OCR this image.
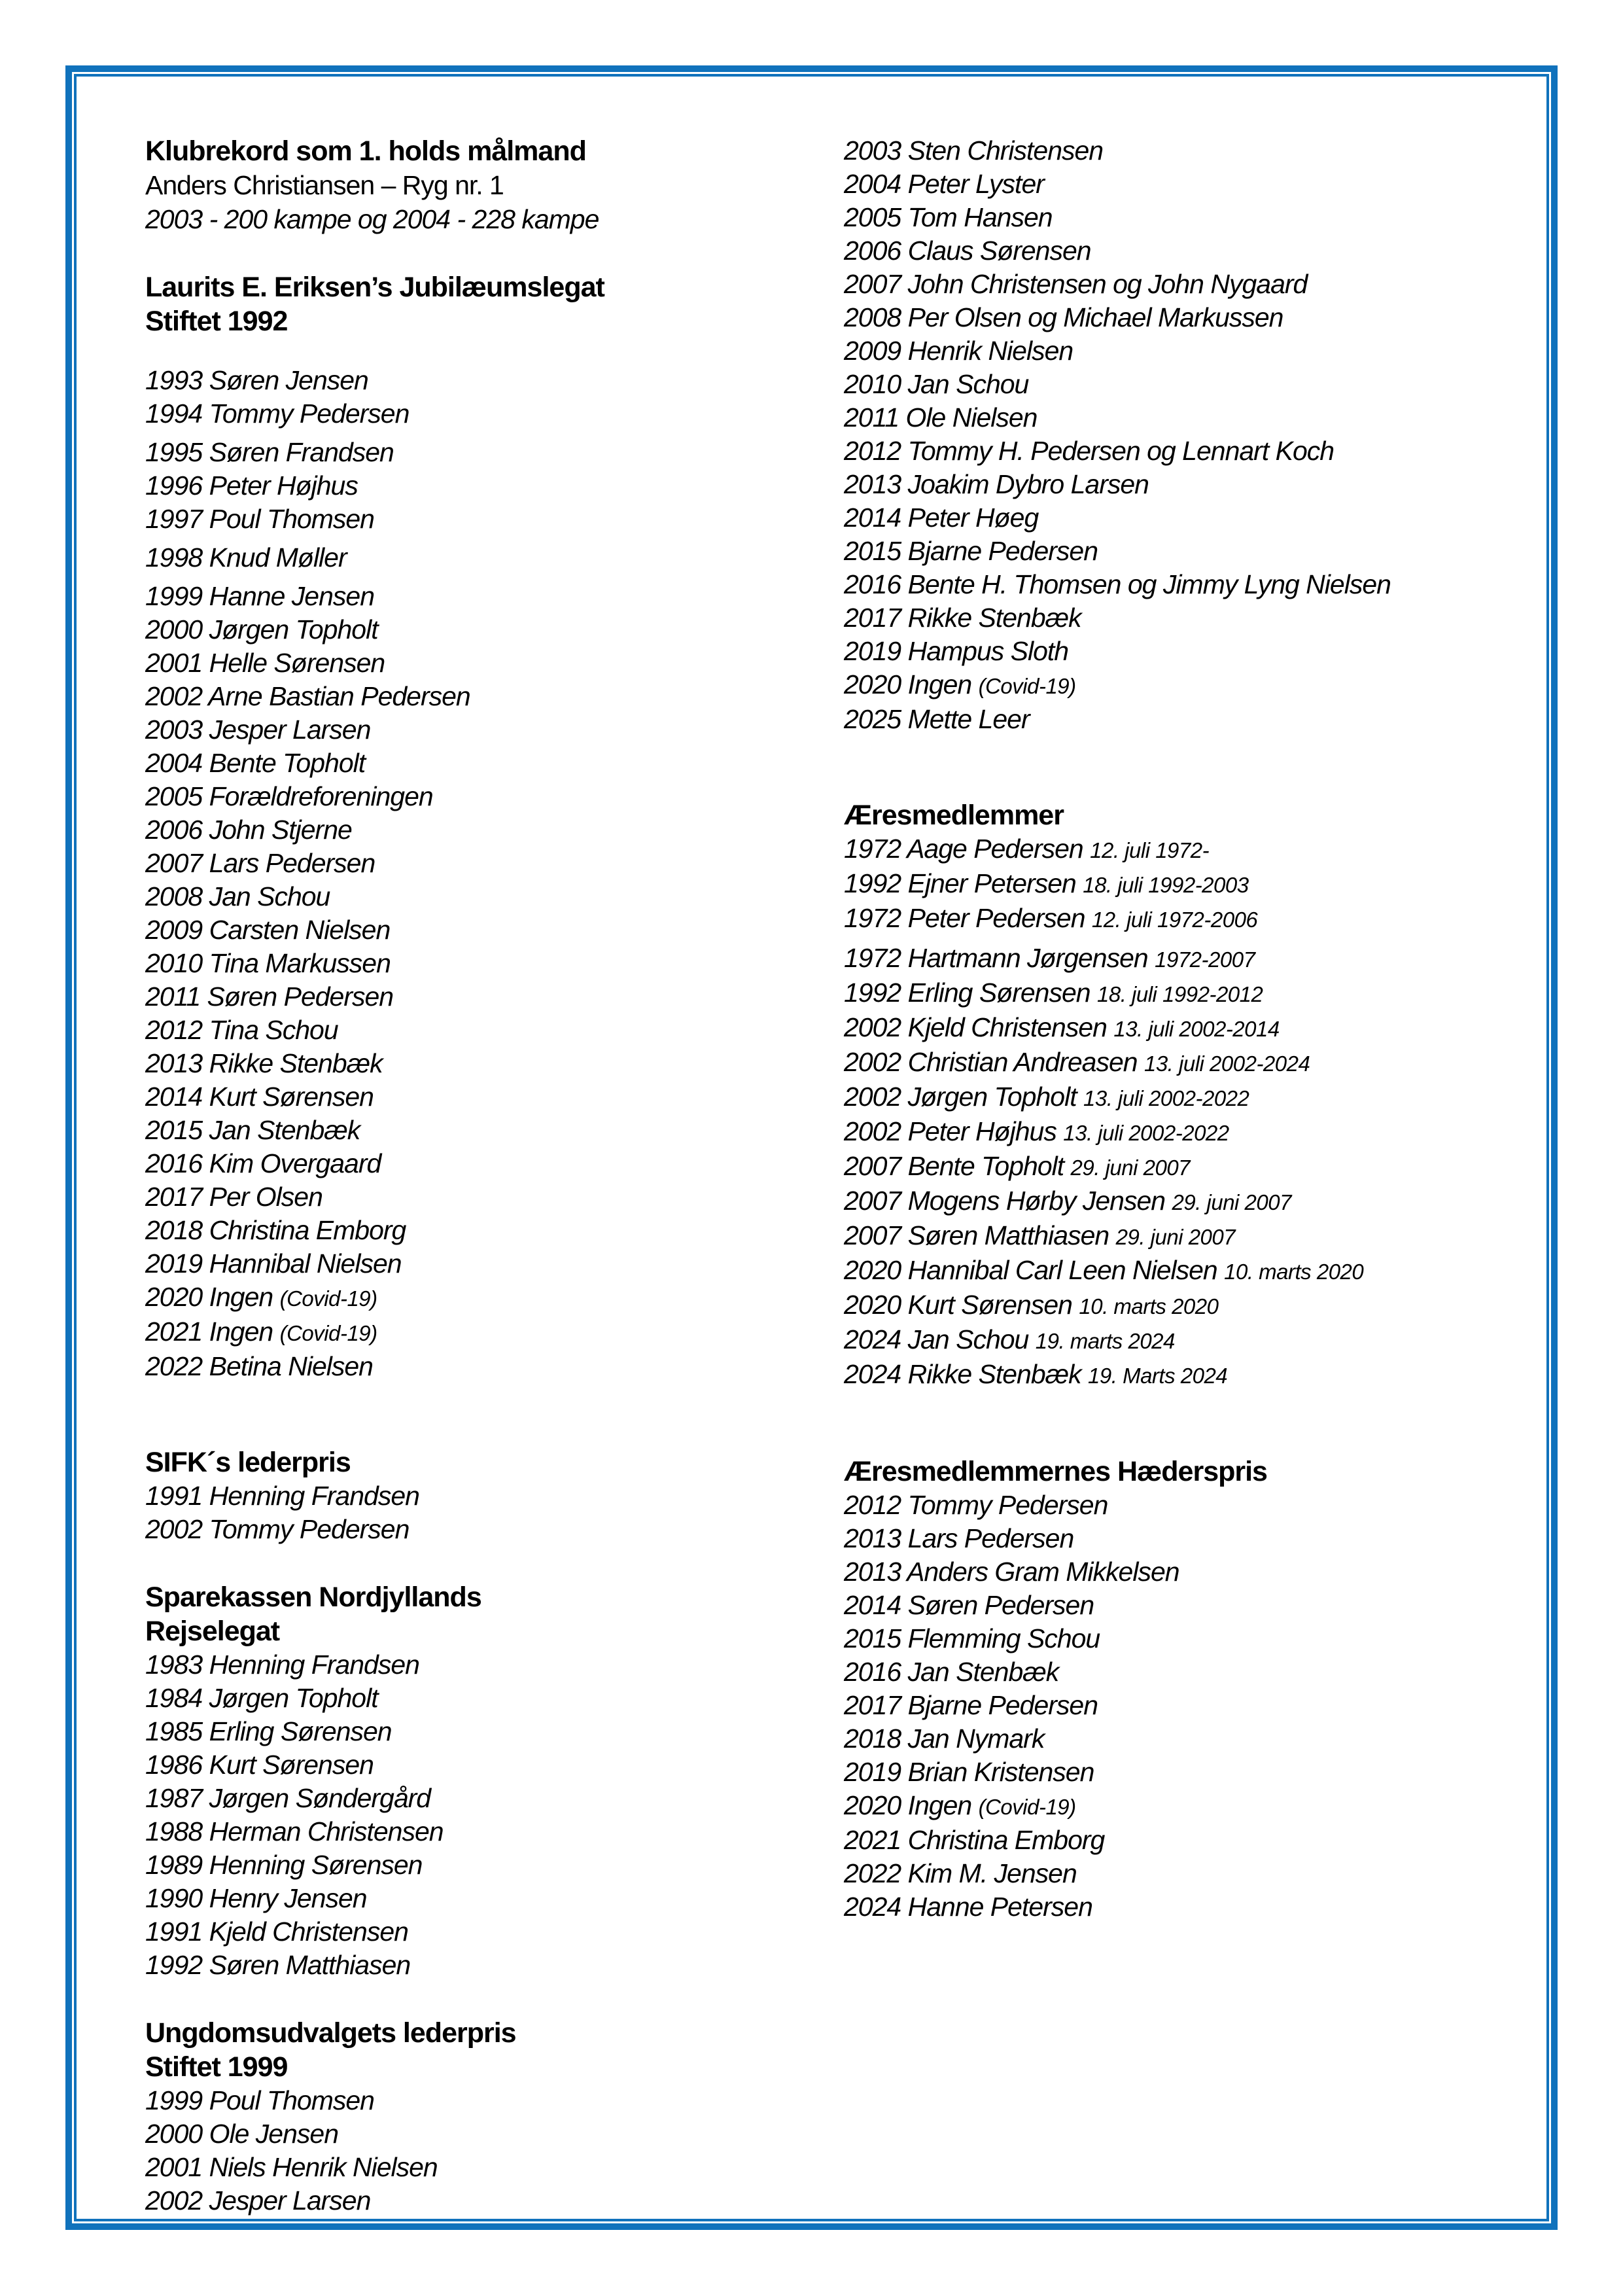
Klubrekord som 1. holds målmand
Anders Christiansen – Ryg nr. 1
2003 - 200 kampe og 2004 - 228 kampe
Laurits E. Eriksen’s Jubilæumslegat
Stiftet 1992
1993 Søren Jensen
1994 Tommy Pedersen
1995 Søren Frandsen
1996 Peter Højhus
1997 Poul Thomsen
1998 Knud Møller
1999 Hanne Jensen
2000 Jørgen Topholt
2001 Helle Sørensen
2002 Arne Bastian Pedersen
2003 Jesper Larsen
2004 Bente Topholt
2005 Forældreforeningen
2006 John Stjerne
2007 Lars Pedersen
2008 Jan Schou
2009 Carsten Nielsen
2010 Tina Markussen
2011 Søren Pedersen
2012 Tina Schou
2013 Rikke Stenbæk
2014 Kurt Sørensen
2015 Jan Stenbæk
2016 Kim Overgaard
2017 Per Olsen
2018 Christina Emborg
2019 Hannibal Nielsen
2020 Ingen (Covid-19)
2021 Ingen (Covid-19)
2022 Betina Nielsen
SIFK´s lederpris
1991 Henning Frandsen
2002 Tommy Pedersen
Sparekassen Nordjyllands
Rejselegat
1983 Henning Frandsen
1984 Jørgen Topholt
1985 Erling Sørensen
1986 Kurt Sørensen
1987 Jørgen Søndergård
1988 Herman Christensen
1989 Henning Sørensen
1990 Henry Jensen
1991 Kjeld Christensen
1992 Søren Matthiasen
Ungdomsudvalgets lederpris
Stiftet 1999
1999 Poul Thomsen
2000 Ole Jensen
2001 Niels Henrik Nielsen
2002 Jesper Larsen
2003 Sten Christensen
2004 Peter Lyster
2005 Tom Hansen
2006 Claus Sørensen
2007 John Christensen og John Nygaard
2008 Per Olsen og Michael Markussen
2009 Henrik Nielsen
2010 Jan Schou
2011 Ole Nielsen
2012 Tommy H. Pedersen og Lennart Koch
2013 Joakim Dybro Larsen
2014 Peter Høeg
2015 Bjarne Pedersen
2016 Bente H. Thomsen og Jimmy Lyng Nielsen
2017 Rikke Stenbæk
2019 Hampus Sloth
2020 Ingen (Covid-19)
2025 Mette Leer
Æresmedlemmer
1972 Aage Pedersen 12. juli 1972-
1992 Ejner Petersen 18. juli 1992-2003
1972 Peter Pedersen 12. juli 1972-2006
1972 Hartmann Jørgensen 1972-2007
1992 Erling Sørensen 18. juli 1992-2012
2002 Kjeld Christensen 13. juli 2002-2014
2002 Christian Andreasen 13. juli 2002-2024
2002 Jørgen Topholt 13. juli 2002-2022
2002 Peter Højhus 13. juli 2002-2022
2007 Bente Topholt 29. juni 2007
2007 Mogens Hørby Jensen 29. juni 2007
2007 Søren Matthiasen 29. juni 2007
2020 Hannibal Carl Leen Nielsen 10. marts 2020
2020 Kurt Sørensen 10. marts 2020
2024 Jan Schou 19. marts 2024
2024 Rikke Stenbæk 19. Marts 2024
Æresmedlemmernes Hæderspris
2012 Tommy Pedersen
2013 Lars Pedersen
2013 Anders Gram Mikkelsen
2014 Søren Pedersen
2015 Flemming Schou
2016 Jan Stenbæk
2017 Bjarne Pedersen
2018 Jan Nymark
2019 Brian Kristensen
2020 Ingen (Covid-19)
2021 Christina Emborg
2022 Kim M. Jensen
2024 Hanne Petersen
